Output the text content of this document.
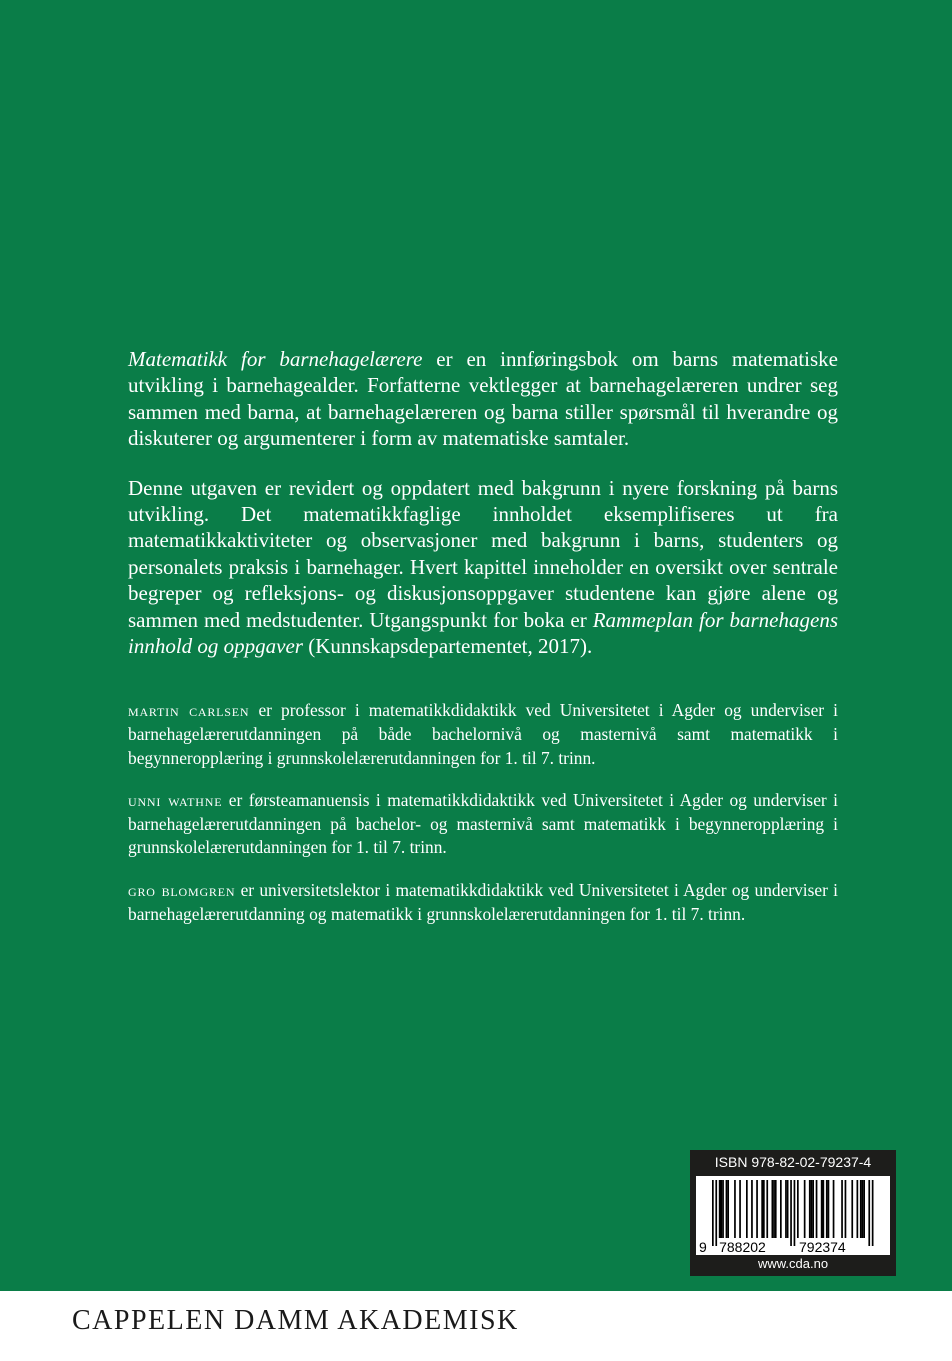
Matematikk for barnehagelærere er en innføringsbok om barns matematiske utvikling i barnehagealder. Forfatterne vektlegger at barnehagelæreren undrer seg sammen med barna, at barnehagelæreren og barna stiller spørsmål til hverandre og diskuterer og argumenterer i form av matematiske samtaler.

Denne utgaven er revidert og oppdatert med bakgrunn i nyere forskning på barns utvikling. Det matematikkfaglige innholdet eksemplifiseres ut fra matematikkaktiviteter og observasjoner med bakgrunn i barns, studenters og personalets praksis i barnehager. Hvert kapittel inneholder en oversikt over sentrale begreper og refleksjons- og diskusjonsoppgaver studentene kan gjøre alene og sammen med medstudenter. Utgangspunkt for boka er Rammeplan for barnehagens innhold og oppgaver (Kunnskapsdepartementet, 2017).

martin carlsen er professor i matematikkdidaktikk ved Universitetet i Agder og underviser i barnehagelærerutdanningen på både bachelornivå og masternivå samt matematikk i begynneropplæring i grunnskolelærerutdanningen for 1. til 7. trinn.

unni wathne er førsteamanuensis i matematikkdidaktikk ved Universitetet i Agder og underviser i barnehagelærerutdanningen på bachelor- og masternivå samt matematikk i begynneropplæring i grunnskolelærerutdanningen for 1. til 7. trinn.

gro blomgren er universitetslektor i matematikkdidaktikk ved Universitetet i Agder og underviser i barnehagelærerutdanning og matematikk i grunnskolelærerutdanningen for 1. til 7. trinn.

ISBN 978-82-02-79237-4
9 788202 792374
www.cda.no
CAPPELEN DAMM AKADEMISK
